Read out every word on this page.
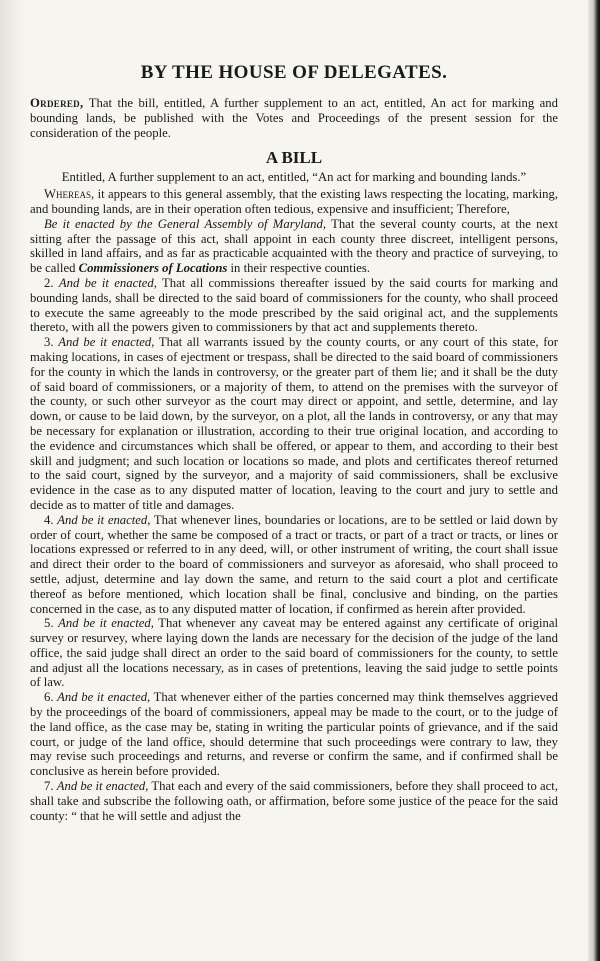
BY THE HOUSE OF DELEGATES.

Ordered, That the bill, entitled, A further supplement to an act, entitled, An act for marking and bounding lands, be published with the Votes and Proceedings of the present session for the consideration of the people.

A BILL
Entitled, A further supplement to an act, entitled, “An act for marking and bounding lands.”

Whereas, it appears to this general assembly, that the existing laws respecting the locating, marking, and bounding lands, are in their operation often tedious, expensive and insufficient; Therefore,

Be it enacted by the General Assembly of Maryland, That the several county courts, at the next sitting after the passage of this act, shall appoint in each county three discreet, intelligent persons, skilled in land affairs, and as far as practicable acquainted with the theory and practice of surveying, to be called Commissioners of Locations in their respective counties.

2. And be it enacted, That all commissions thereafter issued by the said courts for marking and bounding lands, shall be directed to the said board of commissioners for the county, who shall proceed to execute the same agreeably to the mode prescribed by the said original act, and the supplements thereto, with all the powers given to commissioners by that act and supplements thereto.

3. And be it enacted, That all warrants issued by the county courts, or any court of this state, for making locations, in cases of ejectment or trespass, shall be directed to the said board of commissioners for the county in which the lands in controversy, or the greater part of them lie; and it shall be the duty of said board of commissioners, or a majority of them, to attend on the premises with the surveyor of the county, or such other surveyor as the court may direct or appoint, and settle, determine, and lay down, or cause to be laid down, by the surveyor, on a plot, all the lands in controversy, or any that may be necessary for explanation or illustration, according to their true original location, and according to the evidence and circumstances which shall be offered, or appear to them, and according to their best skill and judgment; and such location or locations so made, and plots and certificates thereof returned to the said court, signed by the surveyor, and a majority of said commissioners, shall be exclusive evidence in the case as to any disputed matter of location, leaving to the court and jury to settle and decide as to matter of title and damages.

4. And be it enacted, That whenever lines, boundaries or locations, are to be settled or laid down by order of court, whether the same be composed of a tract or tracts, or part of a tract or tracts, or lines or locations expressed or referred to in any deed, will, or other instrument of writing, the court shall issue and direct their order to the board of commissioners and surveyor as aforesaid, who shall proceed to settle, adjust, determine and lay down the same, and return to the said court a plot and certificate thereof as before mentioned, which location shall be final, conclusive and binding, on the parties concerned in the case, as to any disputed matter of location, if confirmed as herein after provided.

5. And be it enacted, That whenever any caveat may be entered against any certificate of original survey or resurvey, where laying down the lands are necessary for the decision of the judge of the land office, the said judge shall direct an order to the said board of commissioners for the county, to settle and adjust all the locations necessary, as in cases of pretentions, leaving the said judge to settle points of law.

6. And be it enacted, That whenever either of the parties concerned may think themselves aggrieved by the proceedings of the board of commissioners, appeal may be made to the court, or to the judge of the land office, as the case may be, stating in writing the particular points of grievance, and if the said court, or judge of the land office, should determine that such proceedings were contrary to law, they may revise such proceedings and returns, and reverse or confirm the same, and if confirmed shall be conclusive as herein before provided.

7. And be it enacted, That each and every of the said commissioners, before they shall proceed to act, shall take and subscribe the following oath, or affirmation, before some justice of the peace for the said county: “ that he will settle and adjust the
